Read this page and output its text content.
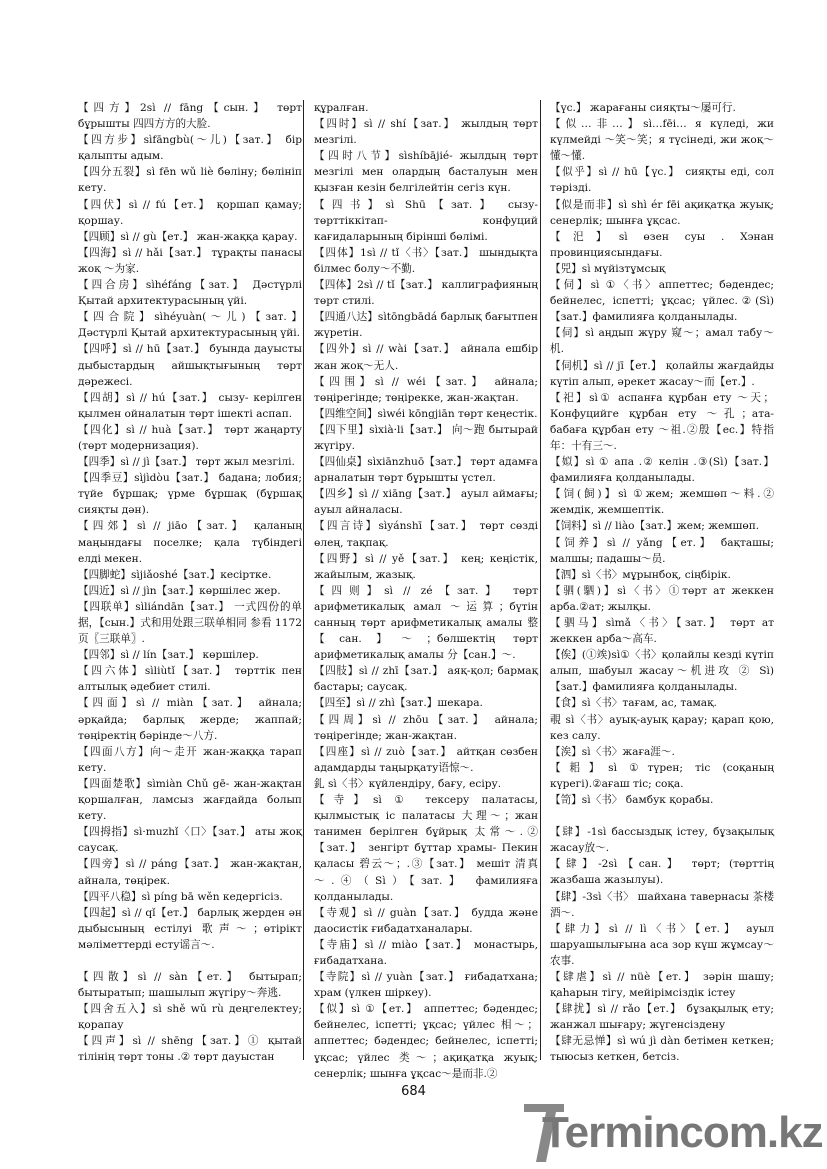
【四方】2sì // fāng【сын.】 төрт бұрышты 四四方方的大脸.

【四方步】sìfāngbù(～儿)【зат.】 бір қалыпты адым.

【四分五裂】sì fēn wǔ liè бөліну; бөлініп кету.

【四伏】sì // fú【ет.】 қоршап қамау; қоршау.

【四顾】sì // gù【ет.】 жан-жаққа қарау.

【四海】sì // hǎi【зат.】 тұрақты панасы жоқ ～为家.

【四合房】sìhéfáng【зат.】 Дәстүрлі Қытай архитектурасының үйі.

【四合院】sìhéyuàn(～儿)【зат.】 Дәстүрлі Қытай архитектурасының үйі.

【四呼】sì // hū【зат.】 буында дауысты дыбыстардың айшықтығының төрт дәрежесі.

【四胡】sì // hú【зат.】 сызу- керілген қылмен ойналатын төрт ішекті аспап.

【四化】sì // huà【зат.】 төрт жаңарту (төрт модернизация).

【四季】sì // jì【зат.】 төрт жыл мезгілі.

【四季豆】sìjìdòu【зат.】 бадана; лобия; түйе бұршақ; үрме бұршақ (бұршақ сияқты дән).

【四郊】sì // jiāo【зат.】 қаланың маңындағы поселке; қала түбіндегі елді мекен.

【四脚蛇】sìjiǎoshé【зат.】кесіртке.

【四近】sì // jìn【зат.】көршілес жер.

【四联单】sìliándān【зат.】 一式四份的单据，【сын.】式和用处跟三联单相同 参看 1172 页〖三联单〗.

【四邻】sì // lín【зат.】 көршілер.

【四六体】sìliùtǐ【зат.】 төрттік пен алтылық әдебиет стилі.

【四面】sì // miàn【зат.】 айнала; әрқайда; барлық жерде; жаппай; төңіректің бәрінде～八方.

【四面八方】向～走开 жан-жаққа тарап кету.

【四面楚歌】sìmiàn Chǔ gē- жан-жақтан қоршалған, ламсыз жағдайда болып кету.

【四拇指】sì·muzhǐ〈口〉【зат.】 аты жоқ саусақ.

【四旁】sì // páng【зат.】 жан-жақтан, айнала, төңірек.

【四平八稳】sì píng bā wěn кедергісіз.

【四起】sì // qǐ【ет.】 барлық жерден ән дыбысының естілуі 歌声～；өтірікт мәліметтерді есту谣言～.

【四散】sì // sàn【ет.】 бытырап; бытыратып; шашылып жүгіру～奔逃.

【四舍五入】sì shě wǔ rù деңгелектеу; қорапау

【四声】sì // shēng【зат.】① қытай тілінің төрт тоны .② төрт дауыстан

құралған.

【四时】sì // shí【зат.】 жылдың төрт мезгілі.

【四时八节】sìshíbājié- жылдың төрт мезгілі мен олардың басталуын мен қызған кезін белгілейтін сегіз күн.

【四书】sì Shū【зат.】 сызу- төрттіккітап- конфуций кағидаларының бірінші бөлімі.

【四体】1sì // tǐ〈书〉【зат.】 шындықта білмес болу～不勤.

【四体】2sì // tǐ【зат.】 каллиграфияның төрт стилі.

【四通八达】sìtōngbādá барлық бағытпен жүретін.

【四外】sì // wài【зат.】 айнала ешбір жан жоқ～无人.

【四围】sì // wéi【зат.】 айнала; төңірегінде; төңірекке, жан-жақтан.

【四维空间】sìwéi kōngjiān төрт кеңестік.

【四下里】sìxià·li【зат.】 向～跑 бытырай жүгіру.

【四仙桌】sìxiānzhuō【зат.】 төрт адамға арналатын төрт бұрышты үстел.

【四乡】sì // xiāng【зат.】 ауыл аймағы; ауыл айналасы.

【四言诗】sìyánshī【зат.】 төрт сөзді өлең, тақпақ.

【四野】sì // yě【зат.】 кең; кеңістік, жайылым, жазық.

【四则】sì // zé【зат.】 төрт арифметикалық амал ～运算；бүтін санның төрт арифметикалық амалы 整【сан.】～；бөлшектің төрт арифметикалық амалы 分【сан.】～.

【四肢】sì // zhī【зат.】 аяқ-қол; бармақ бастары; саусақ.

【四至】sì // zhì【зат.】шекара.

【四周】sì // zhōu【зат.】 айнала; төңірегінде; жан-жақтан.

【四座】sì // zuò【зат.】 айтқан сөзбен адамдарды таңырқату语惊～.

釓 sì〈书〉күйлендіру, бағу, есіру.

【寺】sì ① тексеру палатасы, қылмыстық іс палатасы 大理～；жан танимен берілген бұйрық 太常～.②【зат.】 зенгірт бұттар храмы- Пекин қаласы 碧云～；.③【зат.】 мешіт 清真～.④（Sì）【зат.】 фамилияға қолданылады.

【寺观】sì // guàn【зат.】 будда және даосистік ғибадатханалары.

【寺庙】sì // miào【зат.】 монастырь, ғибадатхана.

【寺院】sì // yuàn【зат.】 ғибадатхана; храм (үлкен шіркеу).

【似】sì ①【ет.】 аппеттес; бәдендес; бейнелес, іспетті; ұқсас; үйлес 相～；аппеттес; бәдендес; бейнелес, іспетті; ұқсас; үйлес 类～；ақиқатқа жуық; сенерлік; шынға ұқсас～是而非.②

【үс.】 жарағаны сияқты～屡可行.

【似…非…】sì…fēi… я күледі, жи күлмейді ～笑～笑；я түсінеді, жи жоқ～懂～懂.

【似乎】sì // hū【үс.】 сияқты еді, сол тәрізді.

【似是而非】sì shì ér fēi ақиқатқа жуық; сенерлік; шынға ұқсас.

【汜】sì өзен суы . Хэнан провинциясындағы.

【兕】sì мүйізтұмсық

【伺】sì ①〈书〉аппеттес; бәдендес; бейнелес, іспетті; ұқсас; үйлес.②(Sì)【зат.】фамилияға қолданылады.

【伺】sì аңдып жүру 窥～；амал табу～机.

【伺机】sì // jī【ет.】 қолайлы жағдайды күтіп алып, әрекет жасау～而【ет.】.

【祀】sì① аспанға құрбан ету ～天；Конфуцийге құрбан ету ～孔；ата-бабаға құрбан ету ～祖.②殷【ес.】特指年：十有三～.

【姒】sì ① апа .② келін .③(Sì)【зат.】фамилияға қолданылады.

【饲(飼)】sì ①жем; жемшөп～料.② жемдік, жемшептік.

【饲料】sì // liào【зат.】жем; жемшөп.

【饲养】sì // yǎng【ет.】 бақташы; малшы; падашы～员.

【泗】sì〈书〉мұрынбоқ, сіңбірік.

【驷(駟)】sì〈书〉①төрт ат жеккен арба.②ат; жылқы.

【驷马】sìmǎ〈书〉【зат.】 төрт ат жеккен арба～高车.

【俟】(①竢)sì①〈书〉қолайлы кезді күтіп алып, шабуыл жасау～机进攻 ② Sì)【зат.】фамилияға қолданылады.

【食】sì〈书〉тағам, ас, тамақ.

覗 sì〈书〉ауық-ауық қарау; қарап қою, кез салу.

【涘】sì〈书〉жаға涯～.

【耜】sì ①түрен; тіс (соқаның күрегі).②ағаш тіс; соқа.

【笥】sì〈书〉 бамбук қорабы.

【肆】-1sì бассыздық істеу, бұзақылық жасау放～.

【肆】-2sì【сан.】 төрт; (төрттің жазбаша жазылуы).

【肆】-3sì〈书〉 шайхана тавернасы 茶楼酒～.

【肆力】sì // lì〈书〉【ет.】 ауыл шаруашылығына аса зор күш жұмсау～农事.

【肆虐】sì // nüè【ет.】 зәрін шашу; қаһарын тігу, мейірімсіздік істеу

【肆扰】sì // rǎo【ет.】 бұзақылық ету; жанжал шығару; жүгенсіздену

【肆无忌惮】sì wú jì dàn бетімен кеткен; тыюсыз кеткен, бетсіз.

684
Termincom.kz
